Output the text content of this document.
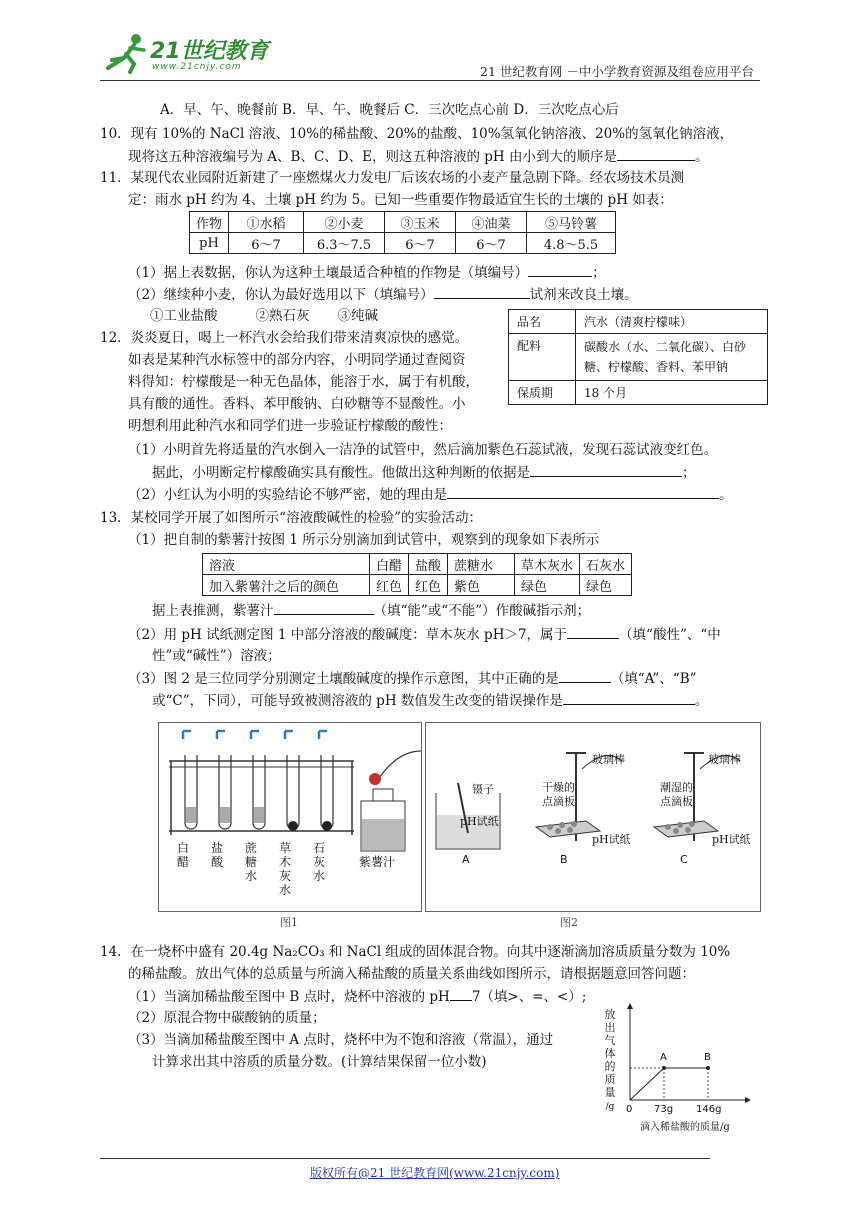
21世纪教育
www.21cnjy.com	21 世纪教育网 －中小学教育资源及组卷应用平台
A．早、午、晚餐前 B．早、午、晚餐后 C．三次吃点心前 D．三次吃点心后
10．现有 10%的 NaCl 溶液、10%的稀盐酸、20%的盐酸、10%氢氧化钠溶液、20%的氢氧化钠溶液，
现将这五种溶液编号为 A、B、C、D、E，则这五种溶液的 pH 由小到大的顺序是	。
11．某现代农业园附近新建了一座燃煤火力发电厂后该农场的小麦产量急剧下降。经农场技术员测
定：雨水 pH 约为 4、土壤 pH 约为 5。已知一些重要作物最适宜生长的土壤的 pH 如表：
作物	①水稻	②小麦	③玉米	④油菜	⑤马铃薯
pH	6～7	6.3～7.5	6～7	6～7	4.8～5.5
（1）据上表数据，你认为这种土壤最适合种植的作物是（填编号）	；
（2）继续种小麦，你认为最好选用以下（填编号）	试剂来改良土壤。
①工业盐酸	②熟石灰 ③纯碱	品名	汽水（清爽柠檬味）
配料	碳酸水（水、二氧化碳）、白砂糖、柠檬酸、香料、苯甲钠
保质期	18 个月
12．炎炎夏日，喝上一杯汽水会给我们带来清爽凉快的感觉。
如表是某种汽水标签中的部分内容，小明同学通过查阅资
料得知：柠檬酸是一种无色晶体，能溶于水，属于有机酸，
具有酸的通性。香料、苯甲酸钠、白砂糖等不显酸性。小
明想利用此种汽水和同学们进一步验证柠檬酸的酸性：
（1）小明首先将适量的汽水倒入一洁净的试管中，然后滴加紫色石蕊试液，发现石蕊试液变红色。
据此，小明断定柠檬酸确实具有酸性。他做出这种判断的依据是	；
（2）小红认为小明的实验结论不够严密，她的理由是	。
13．某校同学开展了如图所示“溶液酸碱性的检验”的实验活动：
（1）把自制的紫薯汁按图 1 所示分别滴加到试管中，观察到的现象如下表所示
溶液	白醋	盐酸	蔗糖水	草木灰水	石灰水
加入紫薯汁之后的颜色	红色	红色	紫色	绿色	绿色
据上表推测，紫薯汁	（填“能”或“不能”）作酸碱指示剂；
（2）用 pH 试纸测定图 1 中部分溶液的酸碱度：草木灰水 pH＞7，属于	（填“酸性”、“中
性”或“碱性”）溶液；
（3）图 2 是三位同学分别测定土壤酸碱度的操作示意图，其中正确的是	（填“A”、“B”
或“C”，下同），可能导致被测溶液的 pH 数值发生改变的错误操作是	。
白醋
盐酸
蔗糖水
草木灰水
石灰水
紫薯汁
图1
镊子
pH试纸
玻璃棒
干燥的
点滴板
pH试纸
玻璃棒
潮湿的
点滴板
pH试纸
A	B	C
图2
14．在一烧杯中盛有 20.4g Na₂CO₃ 和 NaCl 组成的固体混合物。向其中逐渐滴加溶质质量分数为 10%
的稀盐酸。放出气体的总质量与所滴入稀盐酸的质量关系曲线如图所示，请根据题意回答问题：
（1）当滴加稀盐酸至图中 B 点时，烧杯中溶液的 pH 7（填>、=、<）;
（2）原混合物中碳酸钠的质量；
（3）当滴加稀盐酸至图中 A 点时，烧杯中为不饱和溶液（常温），通过
计算求出其中溶质的质量分数。(计算结果保留一位小数)
放
出
气
体
的
质
量
/g
A	B
0 73g 146g
滴入稀盐酸的质量/g
版权所有@21 世纪教育网(www.21cnjy.com)
